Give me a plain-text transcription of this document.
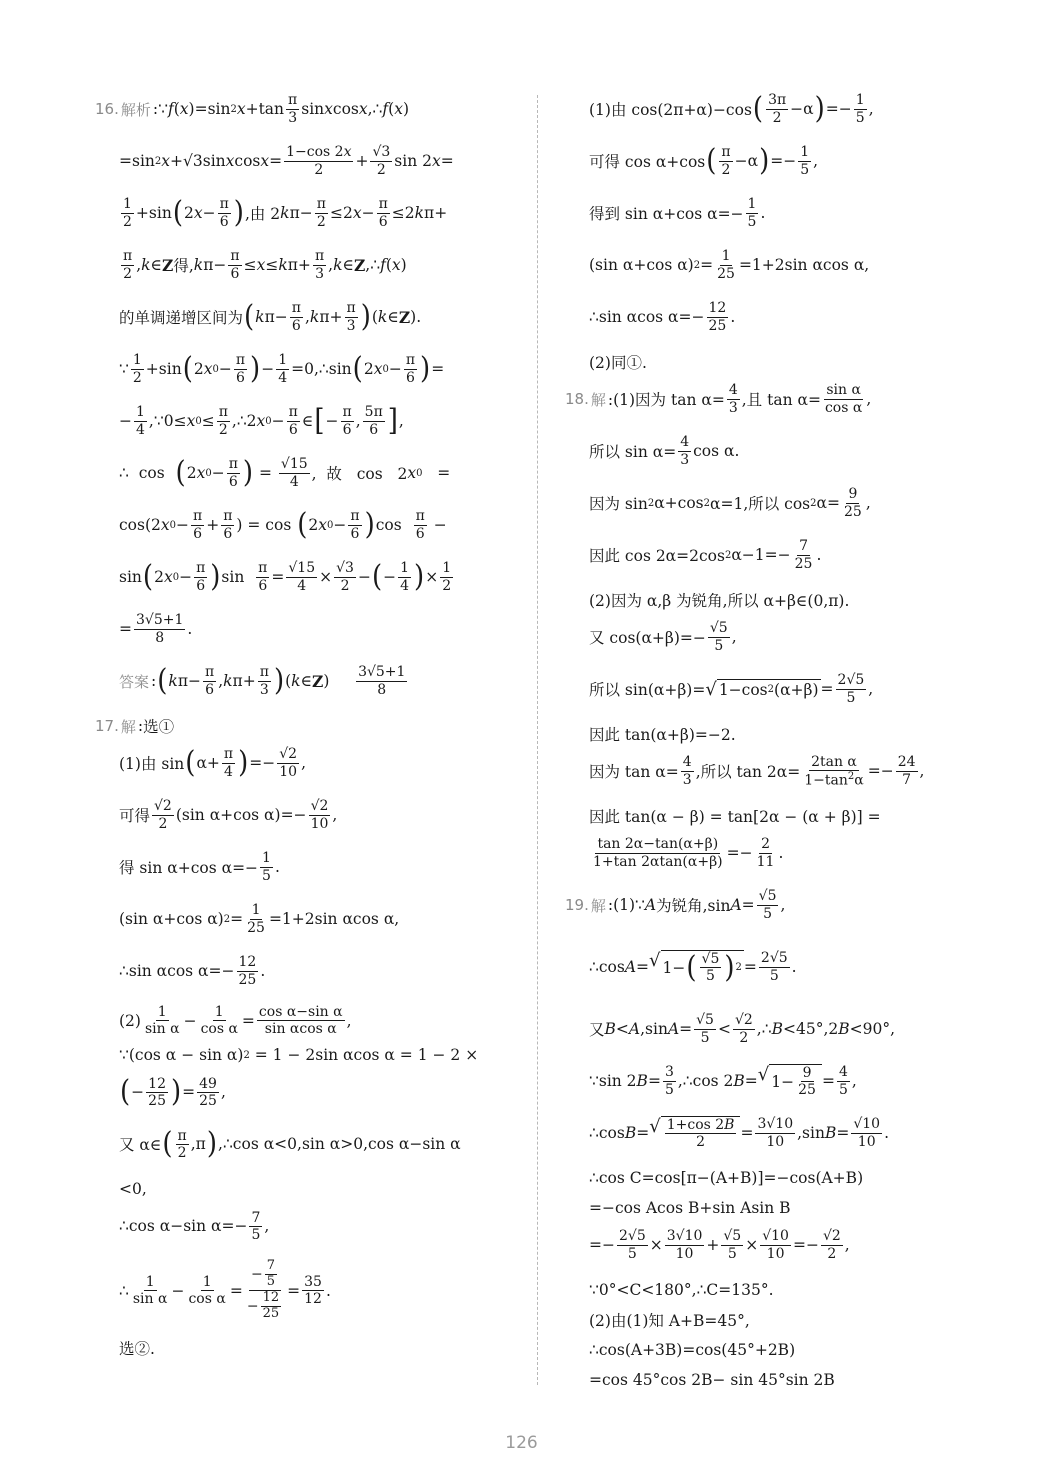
16. 解析 :∵ f ( x )=sin 2 $x +\tan \frac{\pi}{3}$ sin x cos x ,∴ f ( x )
=sin 2 x +√3sin x $\cos x = \frac{1-\cos 2x}{2} + \frac{√3}{2}$ sin 2 x =
$\frac{1}{2} +\sin$ ( 2 $x - \frac{\pi}{6}$ ) ,由 2 k $\pi- \frac{\pi}{2} \le 2$ $x - \frac{\pi}{6} \le 2$ k π+
$\frac{\pi}{2}$ , k ∈ Z 得, k $\pi- \frac{\pi}{6} \le x \le k$ $\pi+ \frac{\pi}{3}$ , k ∈ Z ,∴ f ( x )
的单调递增区间为 ( k $\pi- \frac{\pi}{6}$ , k $\pi+ \frac{\pi}{3}$ ) ( k ∈ Z ).
∵ $\frac{1}{2} +\sin$ ( 2 x $0 - \frac{\pi}{6}$ ) − $\frac{1}{4}$ =0,∴sin ( 2 x $0 - \frac{\pi}{6}$ ) =
− $\frac{1}{4}$ ,∵0≤ x $0 \le \frac{\pi}{2}$ ,∴2 x $0 - \frac{\pi}{6}$ ∈ [ − $\frac{\pi}{6}$ , $\frac{5\pi}{6}$ ] ,
∴  cos ( 2 x $0 - \frac{\pi}{6}$ ) = $\frac{√15}{4}$ ,  故   cos   2 x 0 =
cos(2 x $0 - \frac{\pi}{6} + \frac{\pi}{6}$ ) = cos ( 2 x $0 - \frac{\pi}{6}$ ) $\cos \frac{\pi}{6}$ −
sin ( 2 x $0 - \frac{\pi}{6}$ ) $\sin \frac{\pi}{6} = \frac{√15}{4} \times \frac{√3}{2}$ − ( − $\frac{1}{4}$ ) × $\frac{1}{2}$
= $\frac{3√5+1}{8}$ .
答案 : ( k $\pi- \frac{\pi}{6}$ , k $\pi+ \frac{\pi}{3}$ ) ( k ∈ Z ) $\frac{3√5+1}{8}$
17. 解 : 选①
(1)由 sin ( $\alpha+ \frac{\pi}{4}$ ) =− $\frac{√2}{10}$ ,
可得 $\frac{√2}{2} (\sin$ α+cos $\alpha)=- \frac{√2}{10}$ ,
得 sin α+cos $\alpha=- \frac{1}{5}$ .
(sin α+cos α) $2 = \frac{1}{25} =1+2\sin$ αcos α,
∴sin αcos $\alpha=- \frac{12}{25}$ .
$(2) \frac{1}{\text{sin α}} - \frac{1}{\text{cos α}} = \frac{\text{cos α−sin α}}{\text{sin αcos α}}$ ,
∵(cos α − sin α) 2 = 1 − 2sin αcos α = 1 − 2 ×
( − $\frac{12}{25}$ ) = $\frac{49}{25}$ ,
又 α∈ ( $\frac{\pi}{2} ,\pi$ ) ,∴cos α<0,sin α>0,cos α−sin α
<0,
∴cos α−sin $\alpha=- \frac{7}{5}$ ,
∴ $\frac{1}{\text{sin α}} - \frac{1}{\text{cos α}} = \frac{- \frac{7}{5}}{- \frac{12}{25}} = \frac{35}{12}$ .
选②.
(1)由 cos(2π+α)−cos ( $\frac{3\pi}{2} -\alpha$ ) =− $\frac{1}{5}$ ,
可得 cos α+cos ( $\frac{\pi}{2} -\alpha$ ) =− $\frac{1}{5}$ ,
得到 sin α+cos $\alpha=- \frac{1}{5}$ .
(sin α+cos α) $2 = \frac{1}{25} =1+2\sin$ αcos α,
∴sin αcos $\alpha=- \frac{12}{25}$ .
(2)同①.
18. 解 :(1)因为 $\tan \alpha= \frac{4}{3}$ ,且 $\tan \alpha= \frac{\text{sin α}}{\text{cos α}}$ ,
所以 $\sin \alpha= \frac{4}{3}$ cos α.
因为 sin 2 α+cos 2 α=1,所以 cos 2 $\alpha= \frac{9}{25}$ ,
因此 cos 2α=2cos 2 $\alpha-1=- \frac{7}{25}$ .
(2)因为 α,β 为锐角,所以 α+β∈(0,π).
又 $\cos(\alpha+\beta)=- \frac{√5}{5}$ ,
所以 sin(α+β)= √ 1−cos 2 $(\alpha+\beta) = \frac{2√5}{5}$ ,
因此 tan(α+β)=−2.
因为 $\tan \alpha= \frac{4}{3}$ ,所以 $\tan 2\alpha= \frac{\text{2tan α}}{1-\tan^2\alpha} =- \frac{24}{7}$ ,
因此 tan(α − β) = tan[2α − (α + β)] =
$\frac{\tan 2\alpha-\tan(\alpha+\beta)}{1+\tan 2\alpha\tan(\alpha+\beta)} =- \frac{2}{11}$ .
19. 解 :(1)∵ A 为锐角,sin $A = \frac{√5}{5}$ ,
∴cos A = √ 1− ( $\frac{√5}{5}$ ) $2 = \frac{2√5}{5}$ .
又 B < A ,sin $A = \frac{√5}{5} < \frac{√2}{2}$ ,∴ B <45°,2 B <90°,
∵sin 2 $B = \frac{3}{5}$ ,∴cos 2 B = √ $1- \frac{9}{25} = \frac{4}{5}$ ,
∴cos B = √ $\frac{1+\cos 2B}{2} = \frac{3√10}{10} ,\sin$ $B = \frac{√10}{10}$ .
∴cos C=cos[π−(A+B)]=−cos(A+B)
=−cos Acos B+sin Asin B
=− $\frac{2√5}{5} \times \frac{3√10}{10} + \frac{√5}{5} \times \frac{√10}{10} =- \frac{√2}{2}$ ,
∵0°<C<180°,∴C=135°.
(2)由(1)知 A+B=45°,
∴cos(A+3B)=cos(45°+2B)
=cos 45°cos 2B− sin 45°sin 2B
126
